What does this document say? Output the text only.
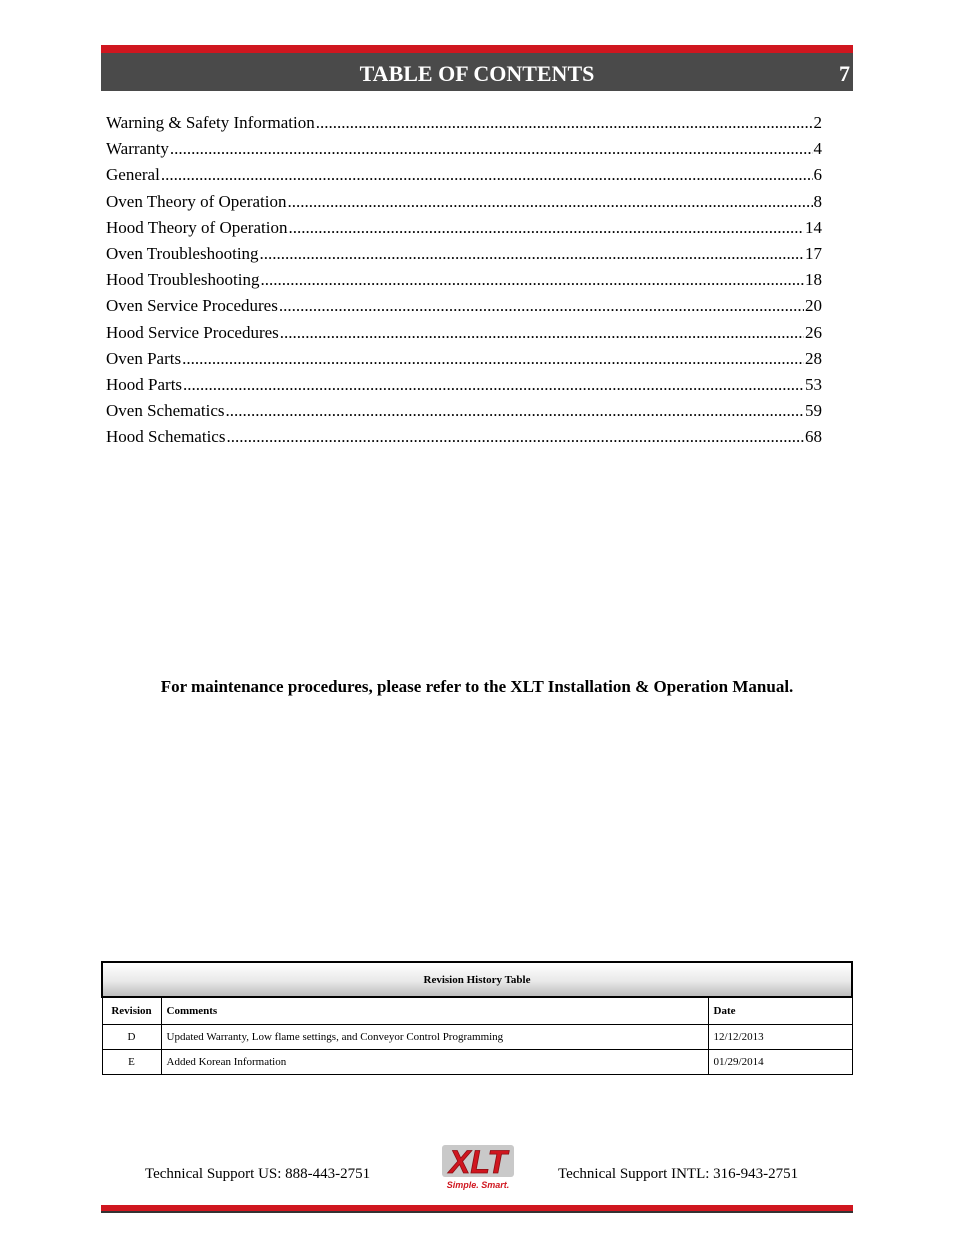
TABLE OF CONTENTS	7
Warning & Safety Information .....	2
Warranty .....	4
General .....	6
Oven Theory of Operation .....	8
Hood Theory of Operation .....	14
Oven Troubleshooting .....	17
Hood Troubleshooting .....	18
Oven Service Procedures .....	20
Hood Service Procedures .....	26
Oven Parts .....	28
Hood Parts .....	53
Oven Schematics .....	59
Hood Schematics .....	68
For maintenance procedures, please refer to the XLT Installation & Operation Manual.
Revision History Table		
Revision	Comments	Date
D	Updated Warranty, Low flame settings, and Conveyor Control Programming	12/12/2013
E	Added Korean Information	01/29/2014
Technical Support US: 888-443-2751 XLT
Simple. Smart.
Technical Support INTL: 316-943-2751
